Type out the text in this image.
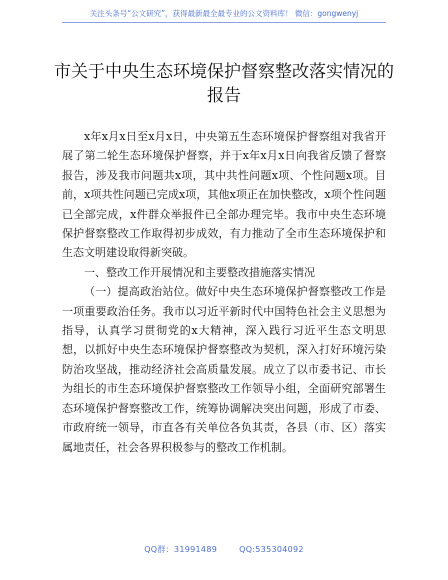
关注头条号“公文研究”，获得最新最全最专业的公文资料库！ 微信：gongwenyj
市关于中央生态环境保护督察整改落实情况的
报告

x年x月x日至x月x日，中央第五生态环境保护督察组对我省开展了第二轮生态环境保护督察，并于x年x月x日向我省反馈了督察报告，涉及我市问题共x项，其中共性问题x项、个性问题x项。目前，x项共性问题已完成x项，其他x项正在加快整改，x项个性问题已全部完成，x件群众举报件已全部办理完毕。我市中央生态环境保护督察整改工作取得初步成效，有力推动了全市生态环境保护和生态文明建设取得新突破。

一、整改工作开展情况和主要整改措施落实情况

（一）提高政治站位。做好中央生态环境保护督察整改工作是一项重要政治任务。我市以习近平新时代中国特色社会主义思想为指导，认真学习贯彻党的x大精神，深入践行习近平生态文明思想，以抓好中央生态环境保护督察整改为契机，深入打好环境污染防治攻坚战，推动经济社会高质量发展。成立了以市委书记、市长为组长的市生态环境保护督察整改工作领导小组，全面研究部署生态环境保护督察整改工作，统筹协调解决突出问题，形成了市委、市政府统一领导，市直各有关单位各负其责，各县（市、区）落实属地责任，社会各界积极参与的整改工作机制。

QQ群：31991489	QQ:535304092
